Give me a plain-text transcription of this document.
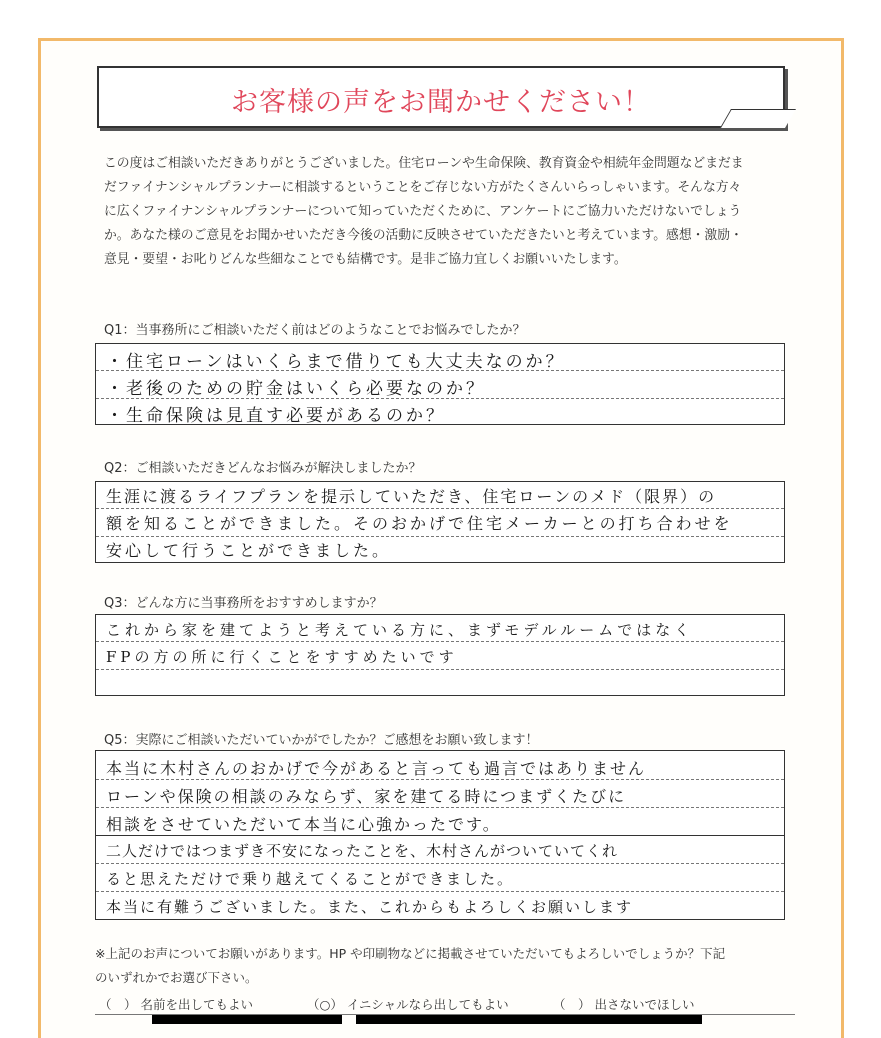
お客様の声をお聞かせください！
この度はご相談いただきありがとうございました。住宅ローンや生命保険、教育資金や相続年金問題などまだま
だファイナンシャルプランナーに相談するということをご存じない方がたくさんいらっしゃいます。そんな方々
に広くファイナンシャルプランナーについて知っていただくために、アンケートにご協力いただけないでしょう
か。あなた様のご意見をお聞かせいただき今後の活動に反映させていただきたいと考えています。感想・激励・
意見・要望・お叱りどんな些細なことでも結構です。是非ご協力宜しくお願いいたします。
Q1：当事務所にご相談いただく前はどのようなことでお悩みでしたか？
・住宅ローンはいくらまで借りても大丈夫なのか？
・老後のための貯金はいくら必要なのか？
・生命保険は見直す必要があるのか？
Q2：ご相談いただきどんなお悩みが解決しましたか？
生涯に渡るライフプランを提示していただき、住宅ローンのメド（限界）の
額を知ることができました。そのおかげで住宅メーカーとの打ち合わせを
安心して行うことができました。
Q3：どんな方に当事務所をおすすめしますか？
これから家を建てようと考えている方に、まずモデルルームではなく
FPの方の所に行くことをすすめたいです
Q5：実際にご相談いただいていかがでしたか？ご感想をお願い致します！
本当に木村さんのおかげで今があると言っても過言ではありません
ローンや保険の相談のみならず、家を建てる時につまずくたびに
相談をさせていただいて本当に心強かったです。
二人だけではつまずき不安になったことを、木村さんがついていてくれ
ると思えただけで乗り越えてくることができました。
本当に有難うございました。また、これからもよろしくお願いします
※上記のお声についてお願いがあります。HP や印刷物などに掲載させていただいてもよろしいでしょうか？下記
のいずれかでお選び下さい。
（　） 名前を出してもよい	（○） イニシャルなら出してもよい	（　） 出さないでほしい
